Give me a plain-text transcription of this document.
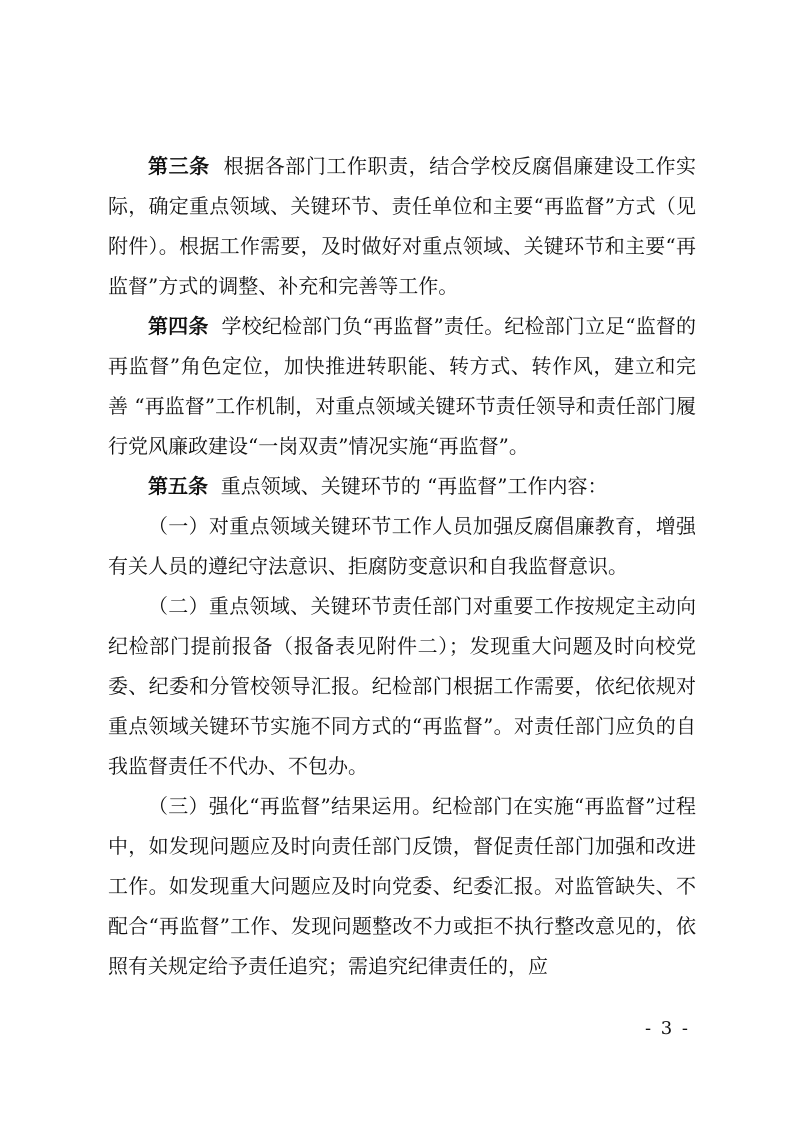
第三条 根据各部门工作职责，结合学校反腐倡廉建设工作实际，确定重点领域、关键环节、责任单位和主要“再监督”方式（见附件）。根据工作需要，及时做好对重点领域、关键环节和主要“再监督”方式的调整、补充和完善等工作。

第四条 学校纪检部门负“再监督”责任。纪检部门立足“监督的再监督”角色定位，加快推进转职能、转方式、转作风，建立和完善 “再监督”工作机制，对重点领域关键环节责任领导和责任部门履行党风廉政建设“一岗双责”情况实施“再监督”。

第五条 重点领域、关键环节的 “再监督”工作内容：

（一）对重点领域关键环节工作人员加强反腐倡廉教育，增强有关人员的遵纪守法意识、拒腐防变意识和自我监督意识。

（二）重点领域、关键环节责任部门对重要工作按规定主动向纪检部门提前报备（报备表见附件二）；发现重大问题及时向校党委、纪委和分管校领导汇报。纪检部门根据工作需要，依纪依规对重点领域关键环节实施不同方式的“再监督”。对责任部门应负的自我监督责任不代办、不包办。

（三）强化“再监督”结果运用。纪检部门在实施“再监督”过程中，如发现问题应及时向责任部门反馈，督促责任部门加强和改进工作。如发现重大问题应及时向党委、纪委汇报。对监管缺失、不配合“再监督”工作、发现问题整改不力或拒不执行整改意见的，依照有关规定给予责任追究；需追究纪律责任的，应

- 3 -
